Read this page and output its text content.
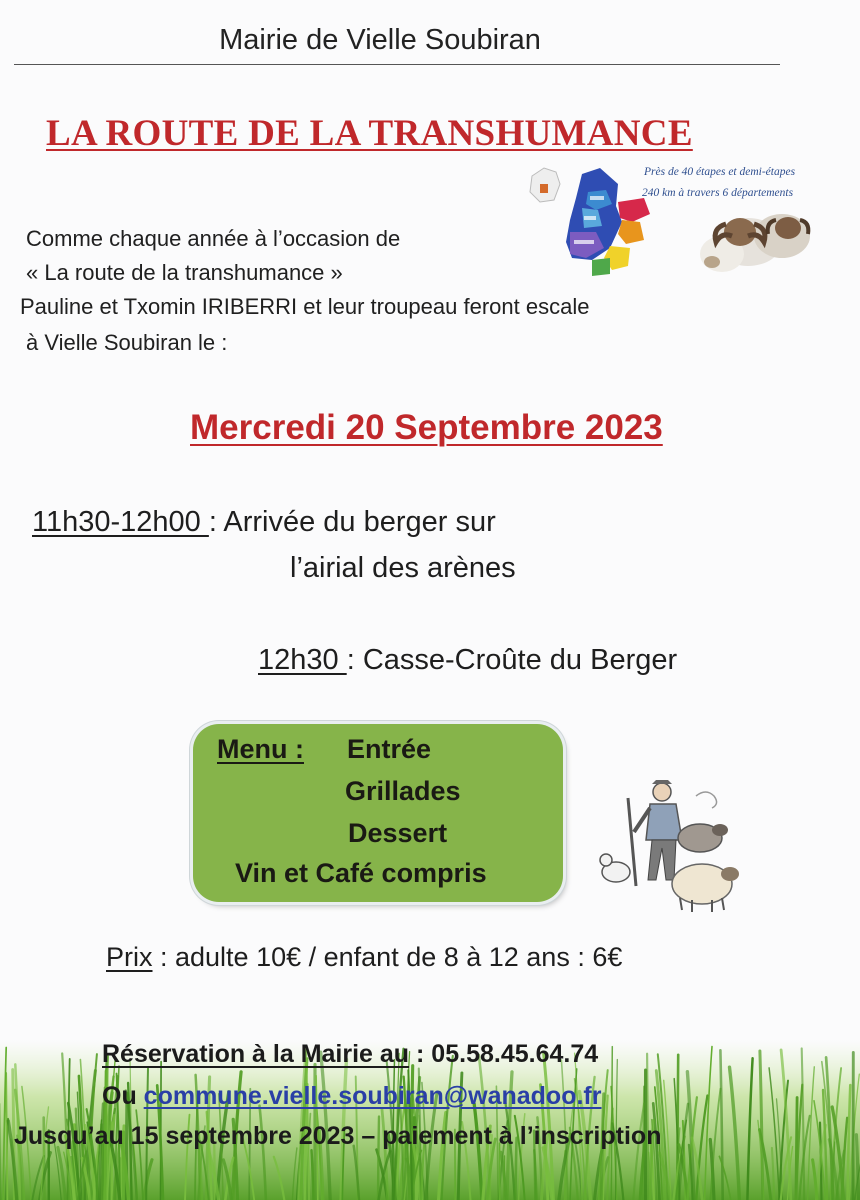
Mairie de Vielle Soubiran
LA ROUTE DE LA TRANSHUMANCE
Près de 40 étapes et demi-étapes
240 km à travers 6 départements
Comme chaque année à l’occasion de
« La route de la transhumance »
Pauline et Txomin IRIBERRI et leur troupeau feront escale
à Vielle Soubiran le :
Mercredi 20 Septembre 2023
11h30-12h00 : Arrivée du berger sur
l’airial des arènes
12h30 : Casse-Croûte du Berger
Menu : Entrée
Grillades
Dessert
Vin et Café compris
Prix : adulte 10€ / enfant de 8 à 12 ans : 6€
Réservation à la Mairie au : 05.58.45.64.74
Ou commune.vielle.soubiran@wanadoo.fr
Jusqu’au 15 septembre 2023 – paiement à l’inscription
